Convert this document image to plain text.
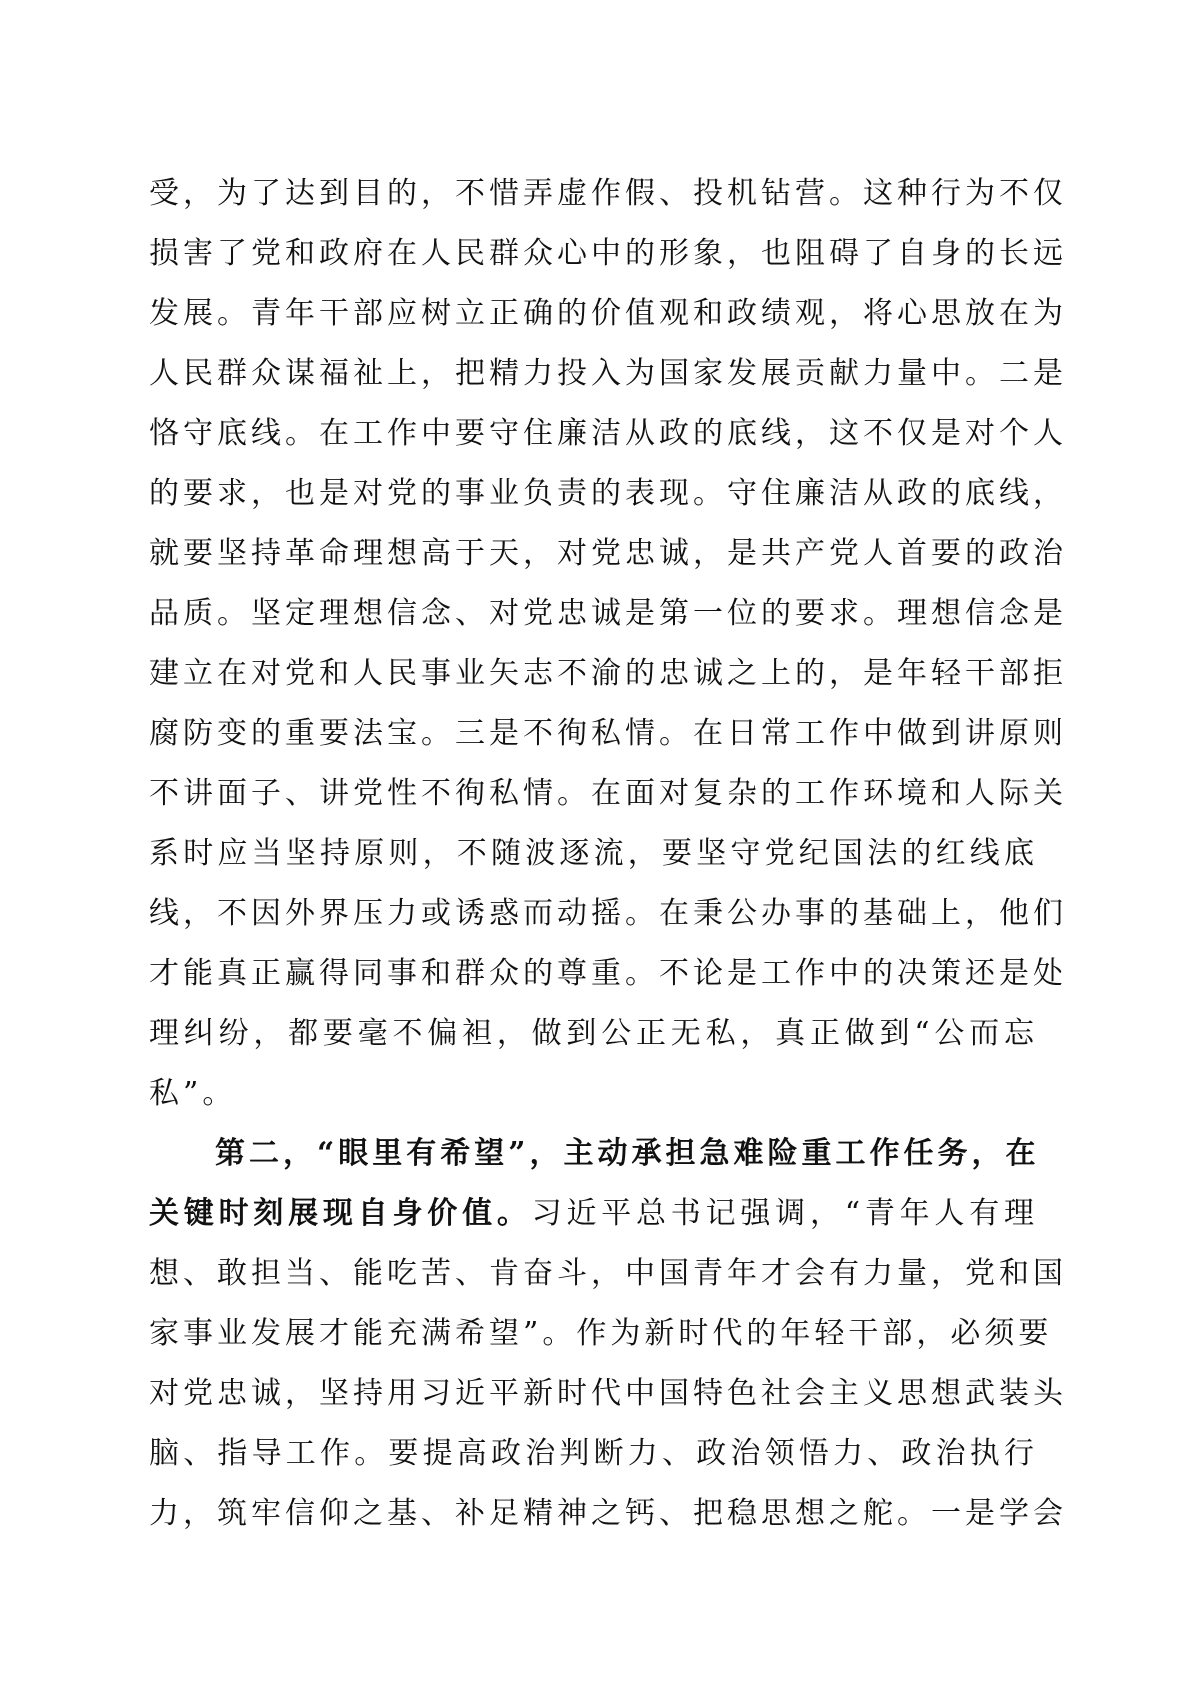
受，为了达到目的，不惜弄虚作假、投机钻营。这种行为不仅
损害了党和政府在人民群众心中的形象，也阻碍了自身的长远
发展。青年干部应树立正确的价值观和政绩观，将心思放在为
人民群众谋福祉上，把精力投入为国家发展贡献力量中。二是
恪守底线。在工作中要守住廉洁从政的底线，这不仅是对个人
的要求，也是对党的事业负责的表现。守住廉洁从政的底线，
就要坚持革命理想高于天，对党忠诚，是共产党人首要的政治
品质。坚定理想信念、对党忠诚是第一位的要求。理想信念是
建立在对党和人民事业矢志不渝的忠诚之上的，是年轻干部拒
腐防变的重要法宝。三是不徇私情。在日常工作中做到讲原则
不讲面子、讲党性不徇私情。在面对复杂的工作环境和人际关
系时应当坚持原则，不随波逐流，要坚守党纪国法的红线底
线，不因外界压力或诱惑而动摇。在秉公办事的基础上，他们
才能真正赢得同事和群众的尊重。不论是工作中的决策还是处
理纠纷，都要毫不偏袒，做到公正无私，真正做到“公而忘
私”。
第二，“眼里有希望”，主动承担急难险重工作任务，在
关键时刻展现自身价值。习近平总书记强调，“青年人有理
想、敢担当、能吃苦、肯奋斗，中国青年才会有力量，党和国
家事业发展才能充满希望”。作为新时代的年轻干部，必须要
对党忠诚，坚持用习近平新时代中国特色社会主义思想武装头
脑、指导工作。要提高政治判断力、政治领悟力、政治执行
力，筑牢信仰之基、补足精神之钙、把稳思想之舵。一是学会
